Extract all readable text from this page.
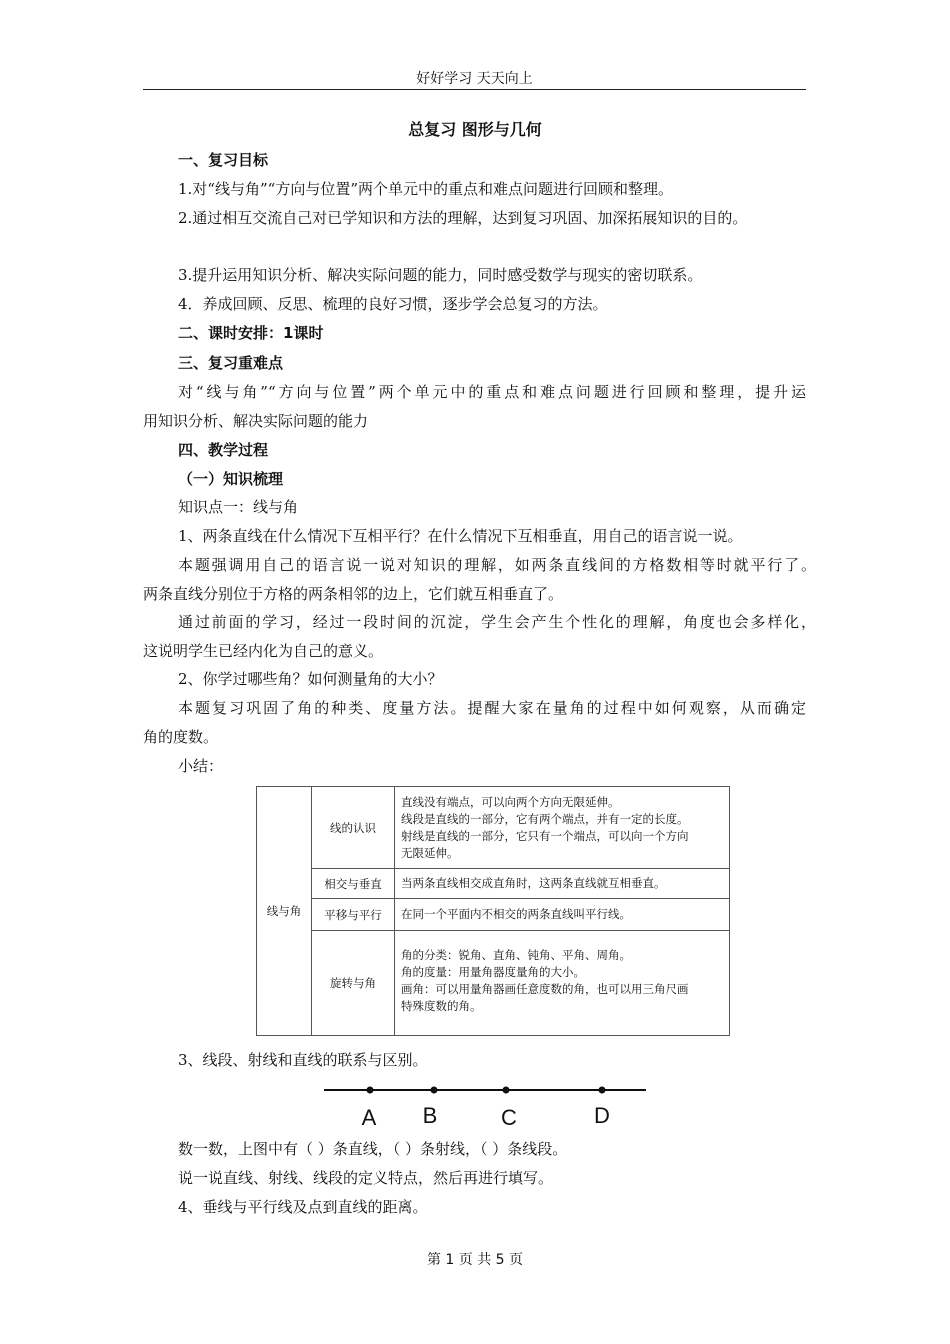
好好学习 天天向上
总复习 图形与几何
一、复习目标
1.对“线与角”“方向与位置”两个单元中的重点和难点问题进行回顾和整理。
2.通过相互交流自己对已学知识和方法的理解，达到复习巩固、加深拓展知识的目的。
3.提升运用知识分析、解决实际问题的能力，同时感受数学与现实的密切联系。
4．养成回顾、反思、梳理的良好习惯，逐步学会总复习的方法。
二、课时安排：1课时
三、复习重难点
对“线与角”“方向与位置”两个单元中的重点和难点问题进行回顾和整理，提升运
用知识分析、解决实际问题的能力
四、教学过程
（一）知识梳理
知识点一：线与角
1、两条直线在什么情况下互相平行？在什么情况下互相垂直，用自己的语言说一说。
本题强调用自己的语言说一说对知识的理解，如两条直线间的方格数相等时就平行了。
两条直线分别位于方格的两条相邻的边上，它们就互相垂直了。
通过前面的学习，经过一段时间的沉淀，学生会产生个性化的理解，角度也会多样化，
这说明学生已经内化为自己的意义。
2、你学过哪些角？如何测量角的大小？
本题复习巩固了角的种类、度量方法。提醒大家在量角的过程中如何观察，从而确定
角的度数。
小结：
线与角	线的认识	直线没有端点，可以向两个方向无限延伸。
线段是直线的一部分，它有两个端点，并有一定的长度。
射线是直线的一部分，它只有一个端点，可以向一个方向
无限延伸。

	相交与垂直	当两条直线相交成直角时，这两条直线就互相垂直。

	平移与平行	在同一个平面内不相交的两条直线叫平行线。

	旋转与角	角的分类：锐角、直角、钝角、平角、周角。
角的度量：用量角器度量角的大小。
画角：可以用量角器画任意度数的角，也可以用三角尺画
特殊度数的角。
3、线段、射线和直线的联系与区别。
A B	C	D
数一数，上图中有（ ）条直线，（ ）条射线，（ ）条线段。
说一说直线、射线、线段的定义特点，然后再进行填写。
4、垂线与平行线及点到直线的距离。
第 1 页 共 5 页
